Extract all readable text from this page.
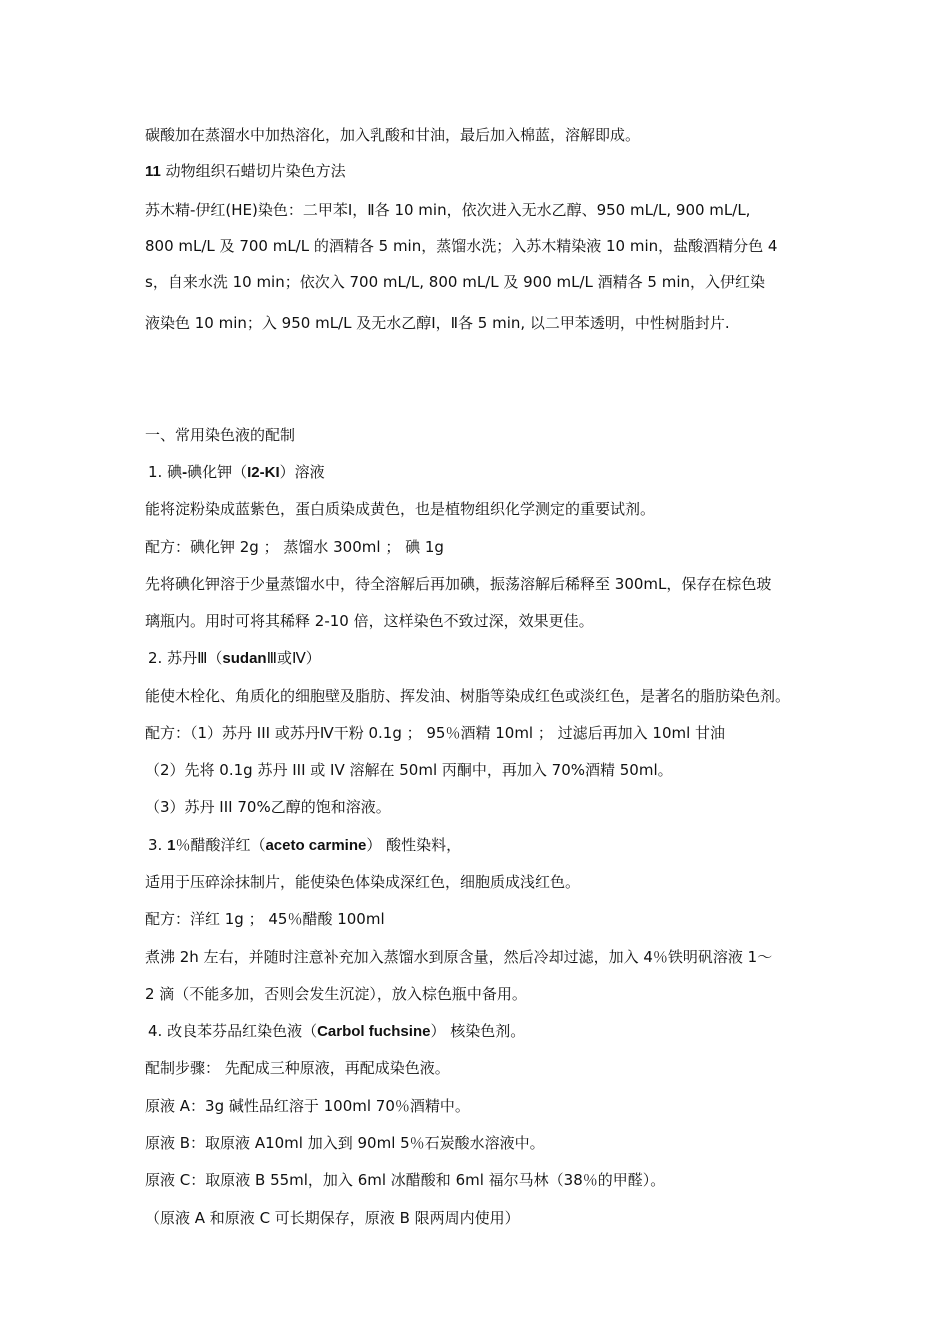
碳酸加在蒸溜水中加热溶化，加入乳酸和甘油，最后加入棉蓝，溶解即成。
11 动物组织石蜡切片染色方法
苏木精-伊红(HE)染色：二甲苯Ⅰ，Ⅱ各 10 min，依次进入无水乙醇、950 mL/L, 900 mL/L,
800 mL/L 及 700 mL/L 的酒精各 5 min，蒸馏水洗；入苏木精染液 10 min，盐酸酒精分色 4
s，自来水洗 10 min；依次入 700 mL/L, 800 mL/L 及 900 mL/L 酒精各 5 min，入伊红染
液染色 10 min；入 950 mL/L 及无水乙醇Ⅰ，Ⅱ各 5 min, 以二甲苯透明，中性树脂封片.
一、常用染色液的配制
1. 碘-碘化钾（I2-KI）溶液
能将淀粉染成蓝紫色，蛋白质染成黄色，也是植物组织化学测定的重要试剂。
配方：碘化钾 2g ； 蒸馏水 300ml ； 碘 1g
先将碘化钾溶于少量蒸馏水中，待全溶解后再加碘，振荡溶解后稀释至 300mL，保存在棕色玻
璃瓶内。用时可将其稀释 2-10 倍，这样染色不致过深，效果更佳。
2. 苏丹Ⅲ（sudanⅢ或Ⅳ）
能使木栓化、角质化的细胞壁及脂肪、挥发油、树脂等染成红色或淡红色，是著名的脂肪染色剂。
配方：（1）苏丹 III 或苏丹Ⅳ干粉 0.1g ； 95％酒精 10ml ； 过滤后再加入 10ml 甘油
（2）先将 0.1g 苏丹 III 或 IV 溶解在 50ml 丙酮中，再加入 70%酒精 50ml。
（3）苏丹 III 70%乙醇的饱和溶液。
3. 1％醋酸洋红（aceto carmine） 酸性染料，
适用于压碎涂抹制片，能使染色体染成深红色，细胞质成浅红色。
配方：洋红 1g ； 45％醋酸 100ml
煮沸 2h 左右，并随时注意补充加入蒸馏水到原含量，然后冷却过滤，加入 4％铁明矾溶液 1～
2 滴（不能多加，否则会发生沉淀），放入棕色瓶中备用。
4. 改良苯芬品红染色液（Carbol fuchsine） 核染色剂。
配制步骤： 先配成三种原液，再配成染色液。
原液 A：3g 碱性品红溶于 100ml 70％酒精中。
原液 B：取原液 A10ml 加入到 90ml 5％石炭酸水溶液中。
原液 C：取原液 B 55ml，加入 6ml 冰醋酸和 6ml 福尔马林（38％的甲醛）。
（原液 A 和原液 C 可长期保存，原液 B 限两周内使用）
